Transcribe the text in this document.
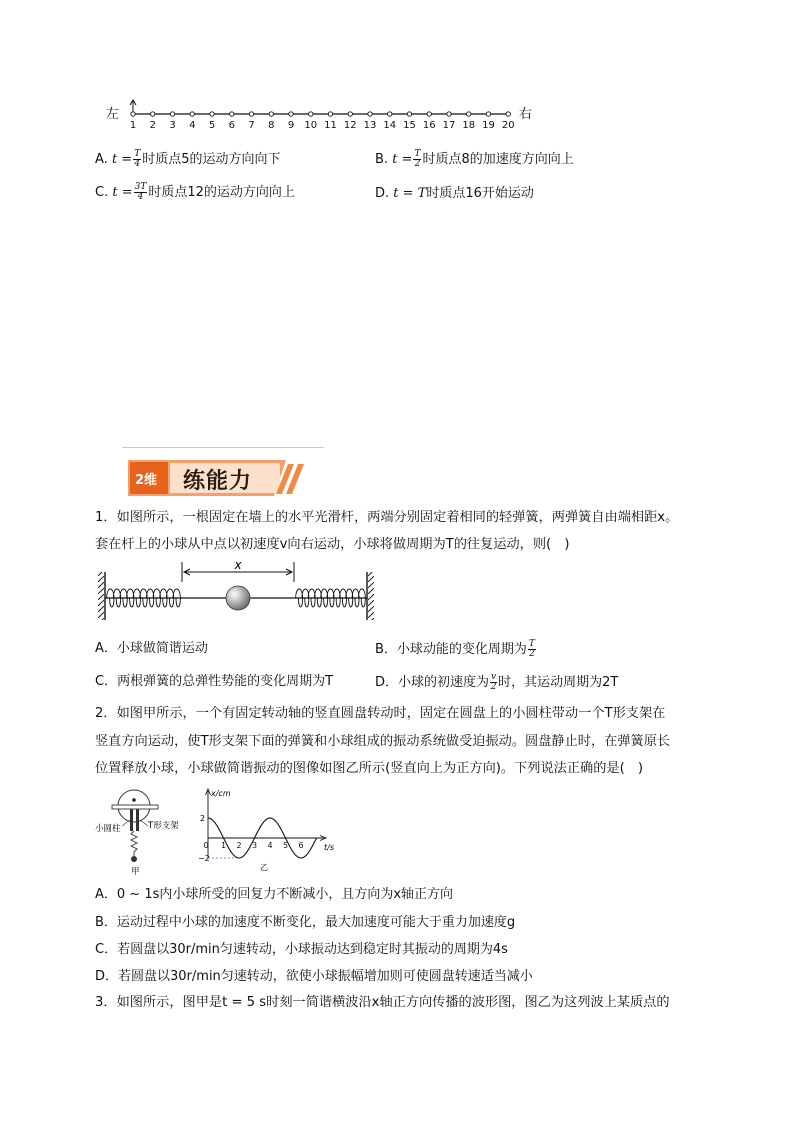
左	右
1 2 3 4 5 6 7 8 9 10 11 12 13 14 15 16 17 18 19 20
A. $t = \frac{T}{4}$ 时质点5的运动方向向下	B. $t = \frac{T}{2}$ 时质点8的加速度方向向上
C. $t = \frac{3T}{4}$ 时质点12的运动方向向上	D. t = T时质点16开始运动
2维 练能力
1．如图所示，一根固定在墙上的水平光滑杆，两端分别固定着相同的轻弹簧，两弹簧自由端相距x。
套在杆上的小球从中点以初速度v向右运动，小球将做周期为T的往复运动，则(　)
x
A．小球做简谐运动	B．小球动能的变化周期为 $\frac{T}{2}$
C．两根弹簧的总弹性势能的变化周期为T	D．小球的初速度为 $\frac{v}{2}$ 时，其运动周期为2T
2．如图甲所示，一个有固定转动轴的竖直圆盘转动时，固定在圆盘上的小圆柱带动一个T形支架在
竖直方向运动，使T形支架下面的弹簧和小球组成的振动系统做受迫振动。圆盘静止时，在弹簧原长
位置释放小球，小球做简谐振动的图像如图乙所示(竖直向上为正方向)。下列说法正确的是(　)
小圆柱	T形支架
甲
x/cm
t/s
2
−2
0 1 2 3 4 5 6
乙
A．0 ~ 1s内小球所受的回复力不断减小，且方向为x轴正方向
B．运动过程中小球的加速度不断变化，最大加速度可能大于重力加速度g
C．若圆盘以30r/min匀速转动，小球振动达到稳定时其振动的周期为4s
D．若圆盘以30r/min匀速转动，欲使小球振幅增加则可使圆盘转速适当减小
3．如图所示，图甲是t = 5 s时刻一简谐横波沿x轴正方向传播的波形图，图乙为这列波上某质点的
